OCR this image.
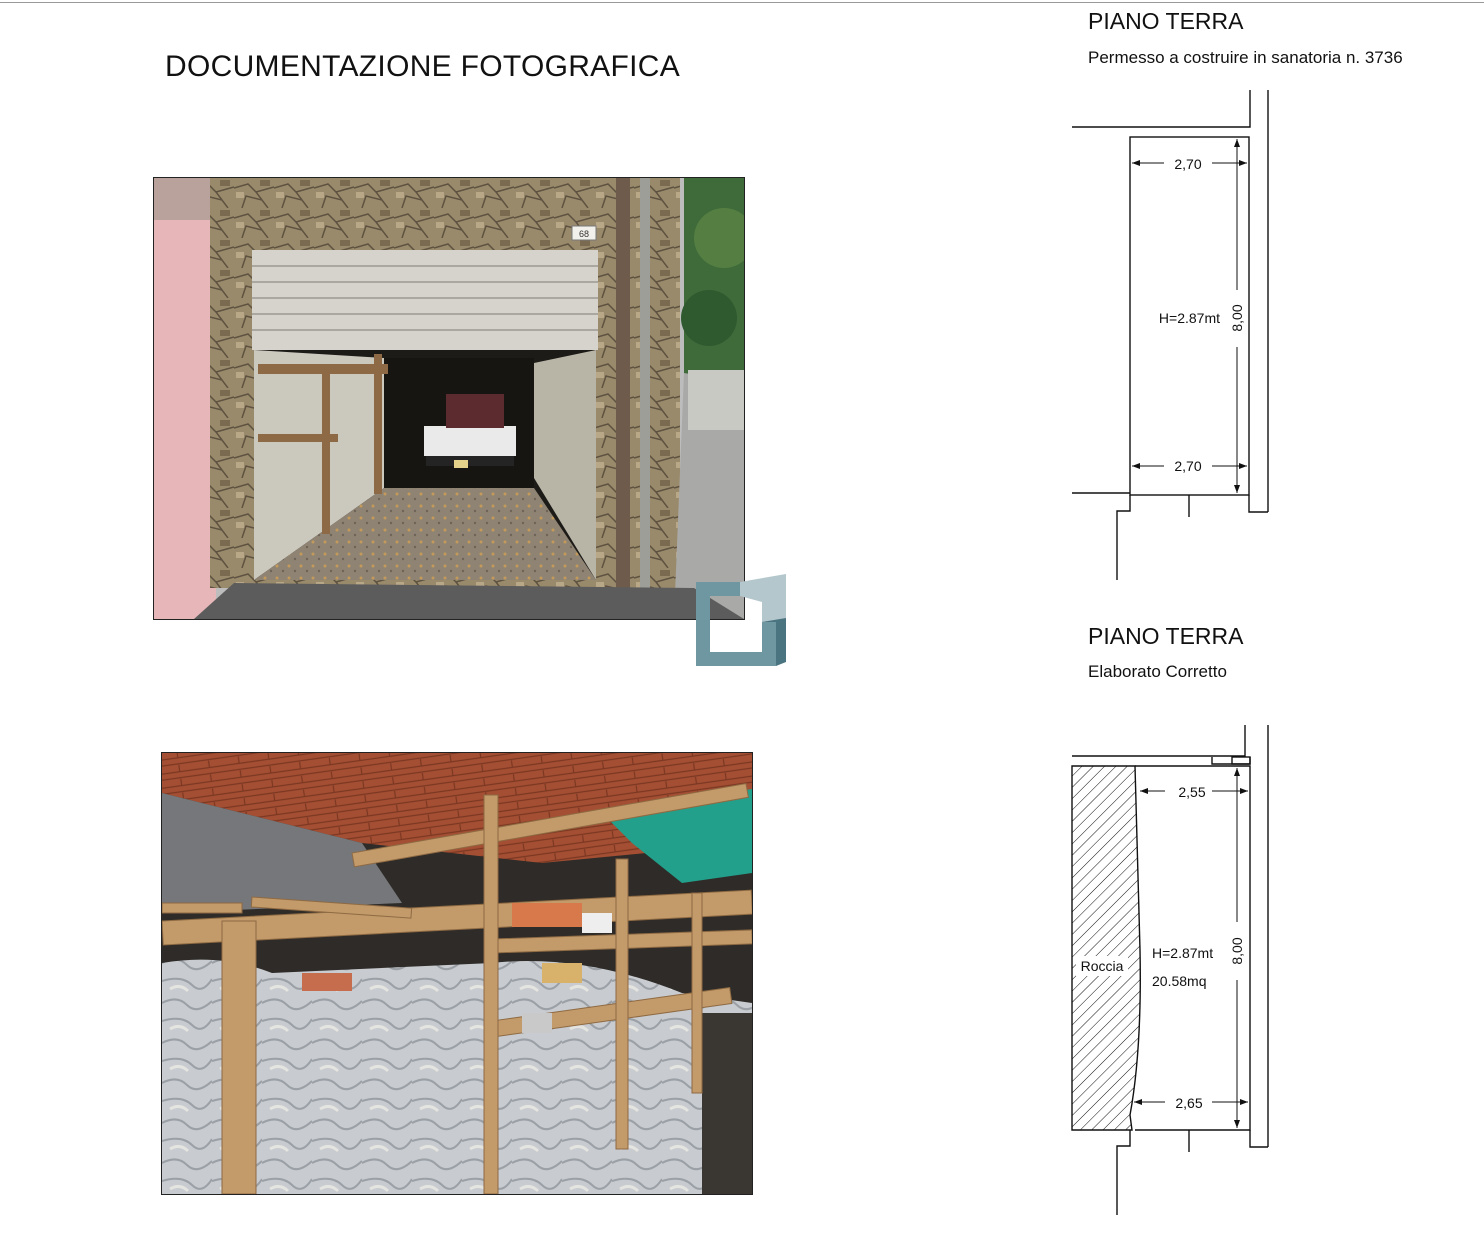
DOCUMENTAZIONE FOTOGRAFICA
68
PIANO TERRA
Permesso a costruire in sanatoria n. 3736
2,70
2,70
8,00
H=2.87mt
PIANO TERRA
Elaborato Corretto
Roccia
2,55
2,65
8,00
H=2.87mt
20.58mq
